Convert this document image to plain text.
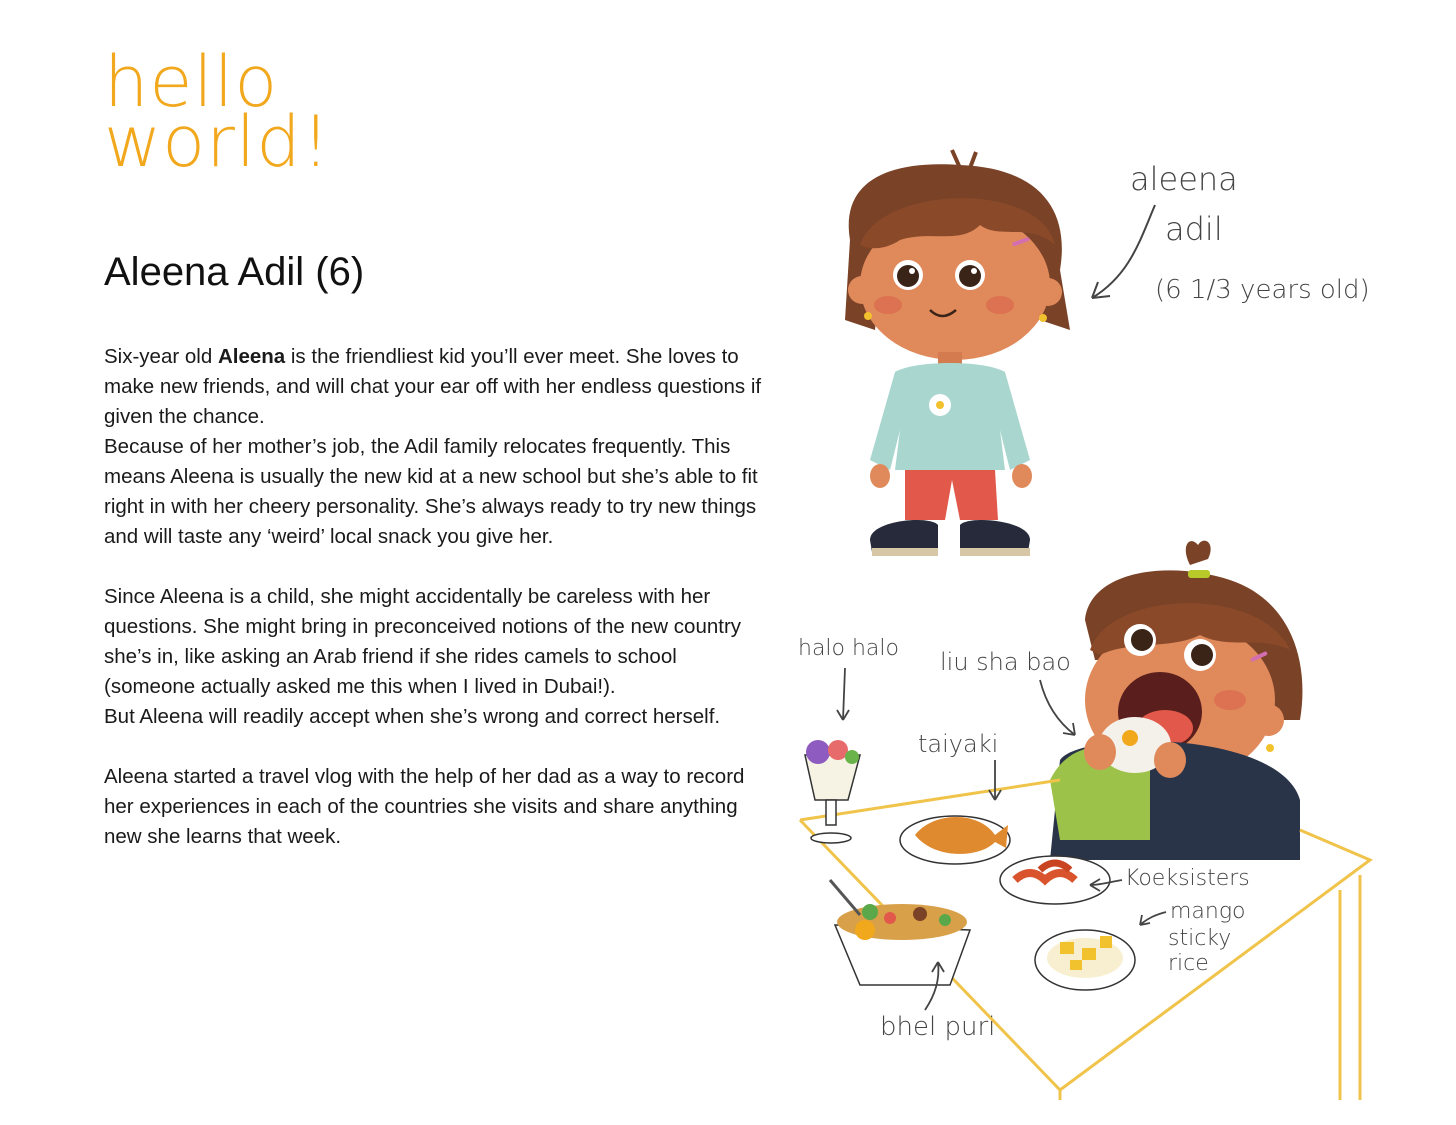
hello
world!
Aleena Adil (6)

Six-year old Aleena is the friendliest kid you’ll ever meet. She loves to make new friends, and will chat your ear off with her endless questions if given the chance.

Because of her mother’s job, the Adil family relocates frequently. This means Aleena is usually the new kid at a new school but she’s able to fit right in with her cheery personality. She’s always ready to try new things and will taste any ‘weird’ local snack you give her.

Since Aleena is a child, she might accidentally be careless with her questions. She might bring in preconceived notions of the new country she’s in, like asking an Arab friend if she rides camels to school (someone actually asked me this when I lived in Dubai!).

But Aleena will readily accept when she’s wrong and correct herself.

Aleena started a travel vlog with the help of her dad as a way to record her experiences in each of the countries she visits and share anything new she learns that week.

aleena
adil
(6 1/3 years old)
halo halo liu sha bao
taiyaki
Koeksisters
mango
sticky
rice
bhel puri
